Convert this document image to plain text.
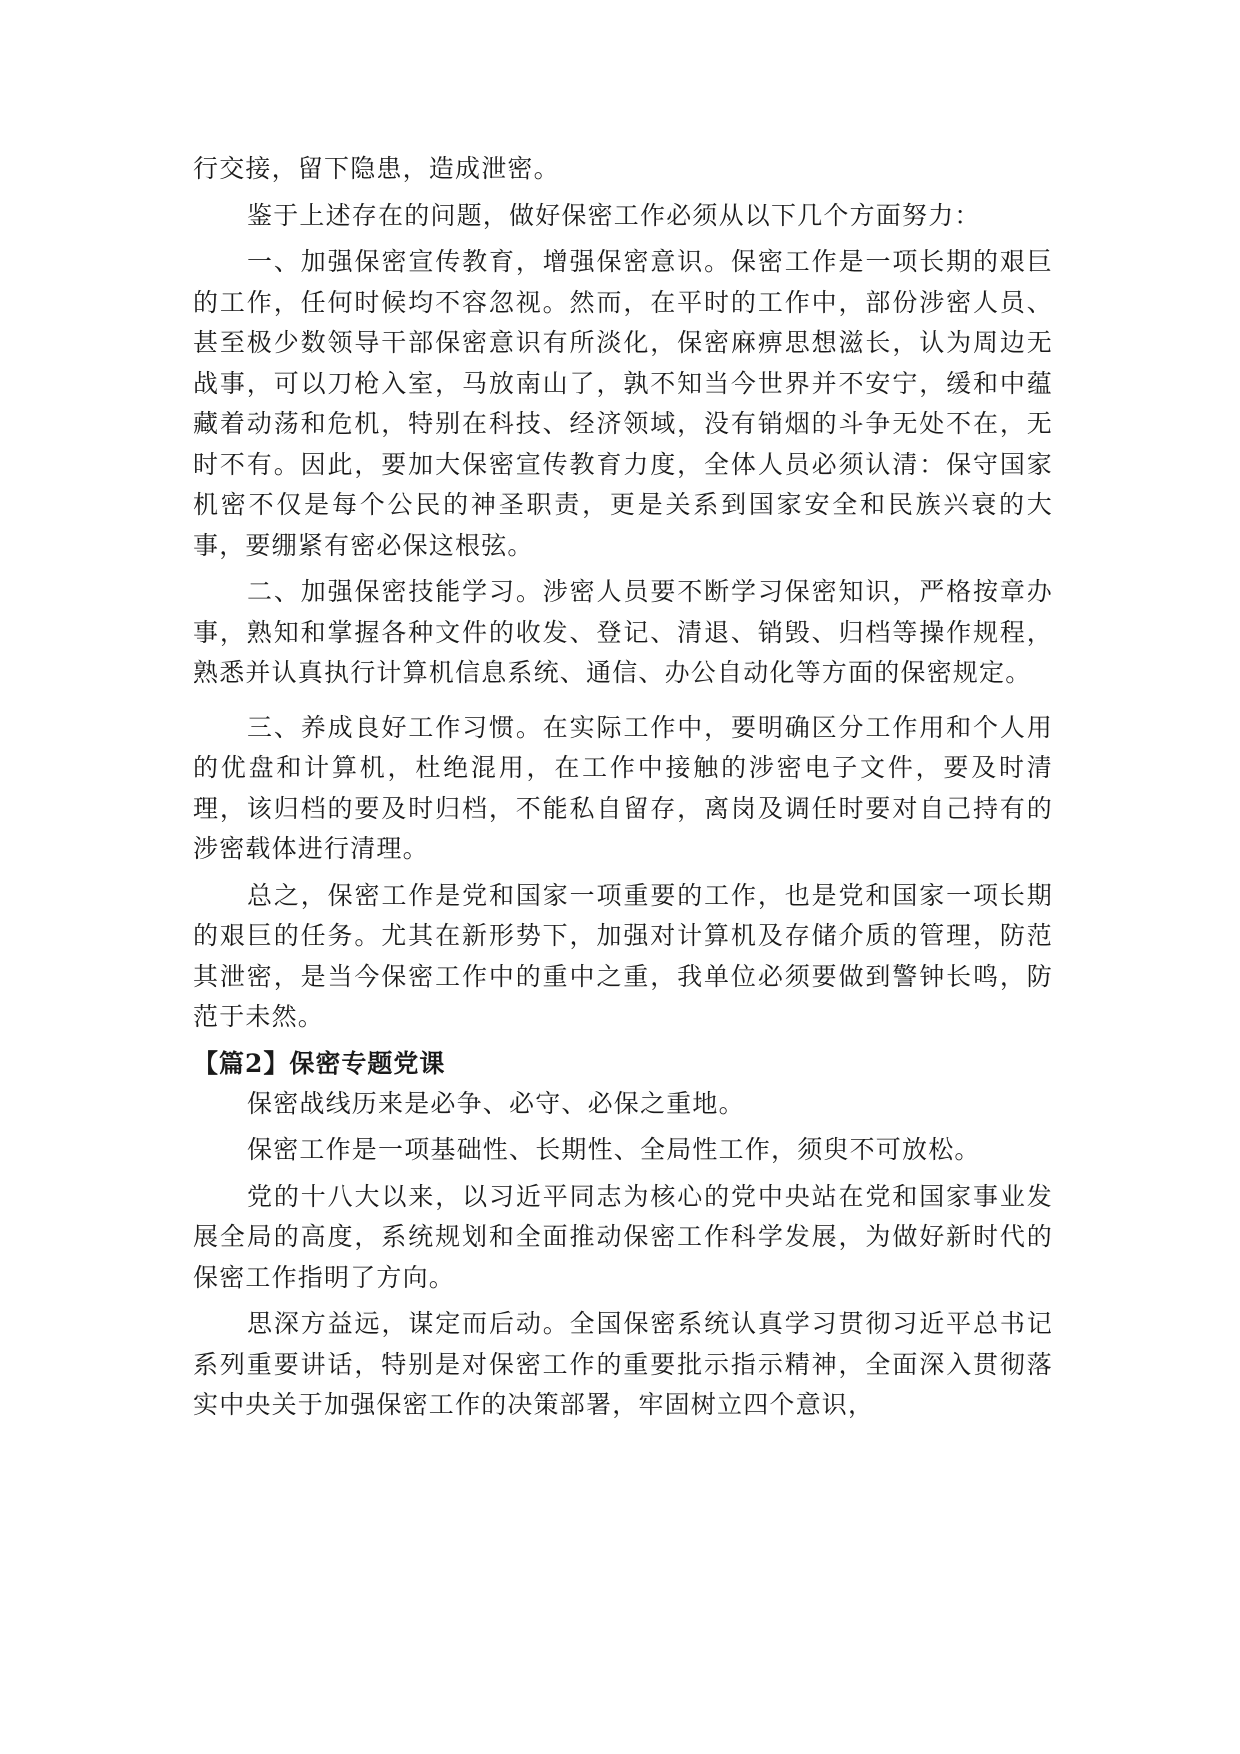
行交接，留下隐患，造成泄密。

鉴于上述存在的问题，做好保密工作必须从以下几个方面努力：

一、加强保密宣传教育，增强保密意识。保密工作是一项长期的艰巨的工作，任何时候均不容忽视。然而，在平时的工作中，部份涉密人员、甚至极少数领导干部保密意识有所淡化，保密麻痹思想滋长，认为周边无战事，可以刀枪入室，马放南山了，孰不知当今世界并不安宁，缓和中蕴藏着动荡和危机，特别在科技、经济领域，没有销烟的斗争无处不在，无时不有。因此，要加大保密宣传教育力度，全体人员必须认清：保守国家机密不仅是每个公民的神圣职责，更是关系到国家安全和民族兴衰的大事，要绷紧有密必保这根弦。

二、加强保密技能学习。涉密人员要不断学习保密知识，严格按章办事，熟知和掌握各种文件的收发、登记、清退、销毁、归档等操作规程，熟悉并认真执行计算机信息系统、通信、办公自动化等方面的保密规定。

三、养成良好工作习惯。在实际工作中，要明确区分工作用和个人用的优盘和计算机，杜绝混用，在工作中接触的涉密电子文件，要及时清理，该归档的要及时归档，不能私自留存，离岗及调任时要对自己持有的涉密载体进行清理。

总之，保密工作是党和国家一项重要的工作，也是党和国家一项长期的艰巨的任务。尤其在新形势下，加强对计算机及存储介质的管理，防范其泄密，是当今保密工作中的重中之重，我单位必须要做到警钟长鸣，防范于未然。

【篇2】保密专题党课

保密战线历来是必争、必守、必保之重地。

保密工作是一项基础性、长期性、全局性工作，须臾不可放松。

党的十八大以来，以习近平同志为核心的党中央站在党和国家事业发展全局的高度，系统规划和全面推动保密工作科学发展，为做好新时代的保密工作指明了方向。

思深方益远，谋定而后动。全国保密系统认真学习贯彻习近平总书记系列重要讲话，特别是对保密工作的重要批示指示精神，全面深入贯彻落实中央关于加强保密工作的决策部署，牢固树立四个意识，
